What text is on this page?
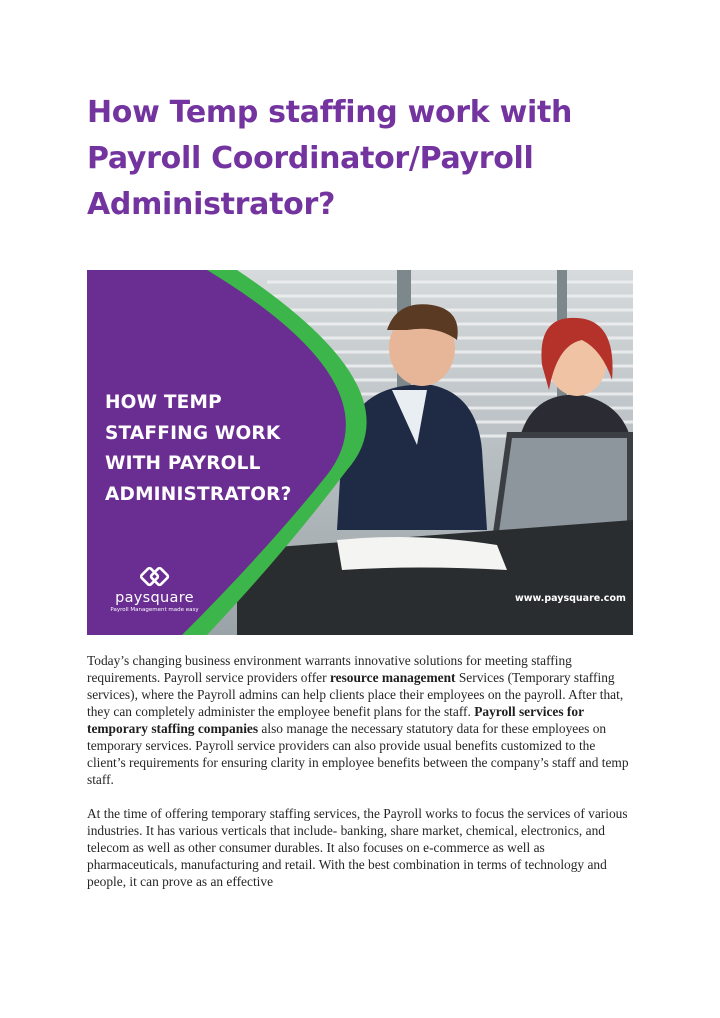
How Temp staffing work with Payroll Coordinator/Payroll Administrator?
HOW TEMP
STAFFING WORK
WITH PAYROLL
ADMINISTRATOR?
paysquare
Payroll Management made easy

www.paysquare.com

Today’s changing business environment warrants innovative solutions for meeting staffing requirements. Payroll service providers offer resource management Services (Temporary staffing services), where the Payroll admins can help clients place their employees on the payroll. After that, they can completely administer the employee benefit plans for the staff. Payroll services for temporary staffing companies also manage the necessary statutory data for these employees on temporary services. Payroll service providers can also provide usual benefits customized to the client’s requirements for ensuring clarity in employee benefits between the company’s staff and temp staff.

At the time of offering temporary staffing services, the Payroll works to focus the services of various industries. It has various verticals that include- banking, share market, chemical, electronics, and telecom as well as other consumer durables. It also focuses on e-commerce as well as pharmaceuticals, manufacturing and retail. With the best combination in terms of technology and people, it can prove as an effective
